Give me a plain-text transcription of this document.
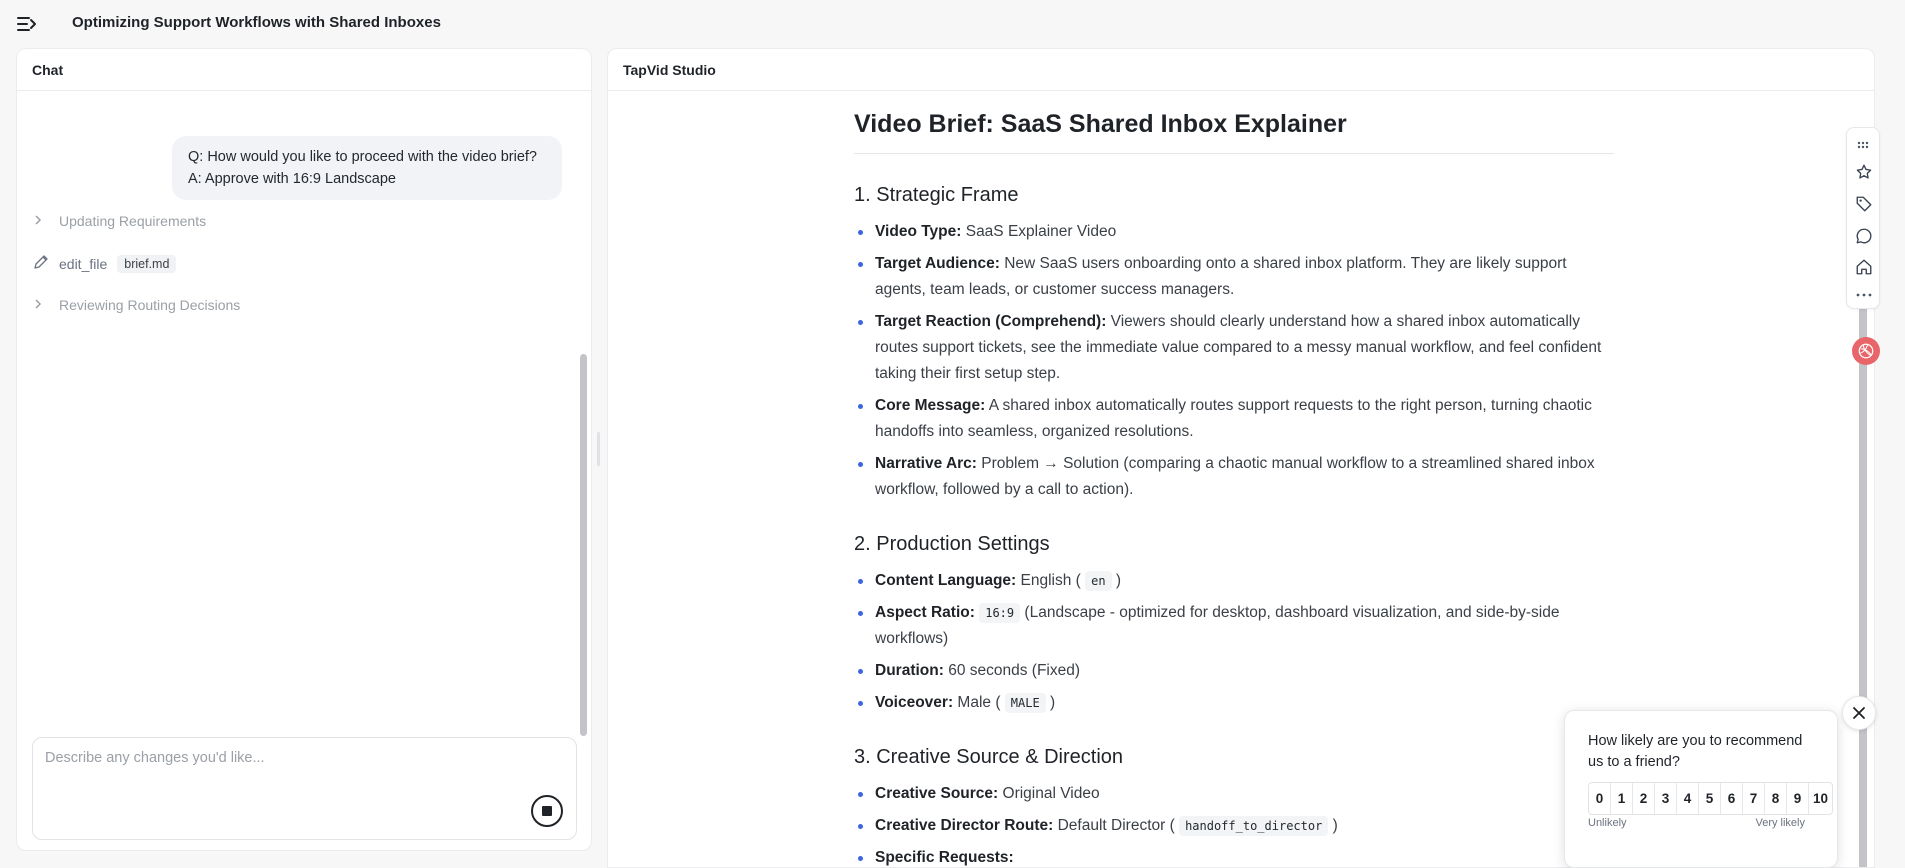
Optimizing Support Workflows with Shared Inboxes
Chat
Q: How would you like to proceed with the video brief?
A: Approve with 16:9 Landscape
Updating Requirements
edit_file	brief.md
Reviewing Routing Decisions
Describe any changes you'd like...
TapVid Studio
Video Brief: SaaS Shared Inbox Explainer
1. Strategic Frame
Video Type: SaaS Explainer Video
Target Audience: New SaaS users onboarding onto a shared inbox platform. They are likely support agents, team leads, or customer success managers.
Target Reaction (Comprehend): Viewers should clearly understand how a shared inbox automatically routes support tickets, see the immediate value compared to a messy manual workflow, and feel confident taking their first setup step.
Core Message: A shared inbox automatically routes support requests to the right person, turning chaotic handoffs into seamless, organized resolutions.
Narrative Arc: Problem → Solution (comparing a chaotic manual workflow to a streamlined shared inbox workflow, followed by a call to action).
2. Production Settings
Content Language: English ( en )
Aspect Ratio: 16:9 (Landscape - optimized for desktop, dashboard visualization, and side-by-side workflows)
Duration: 60 seconds (Fixed)
Voiceover: Male ( MALE )
3. Creative Source & Direction
Creative Source: Original Video
Creative Director Route: Default Director ( handoff_to_director )
Specific Requests:
How likely are you to recommend us to a friend?
0	1	2	3	4	5	6	7	8	9 10
Unlikely	Very likely
